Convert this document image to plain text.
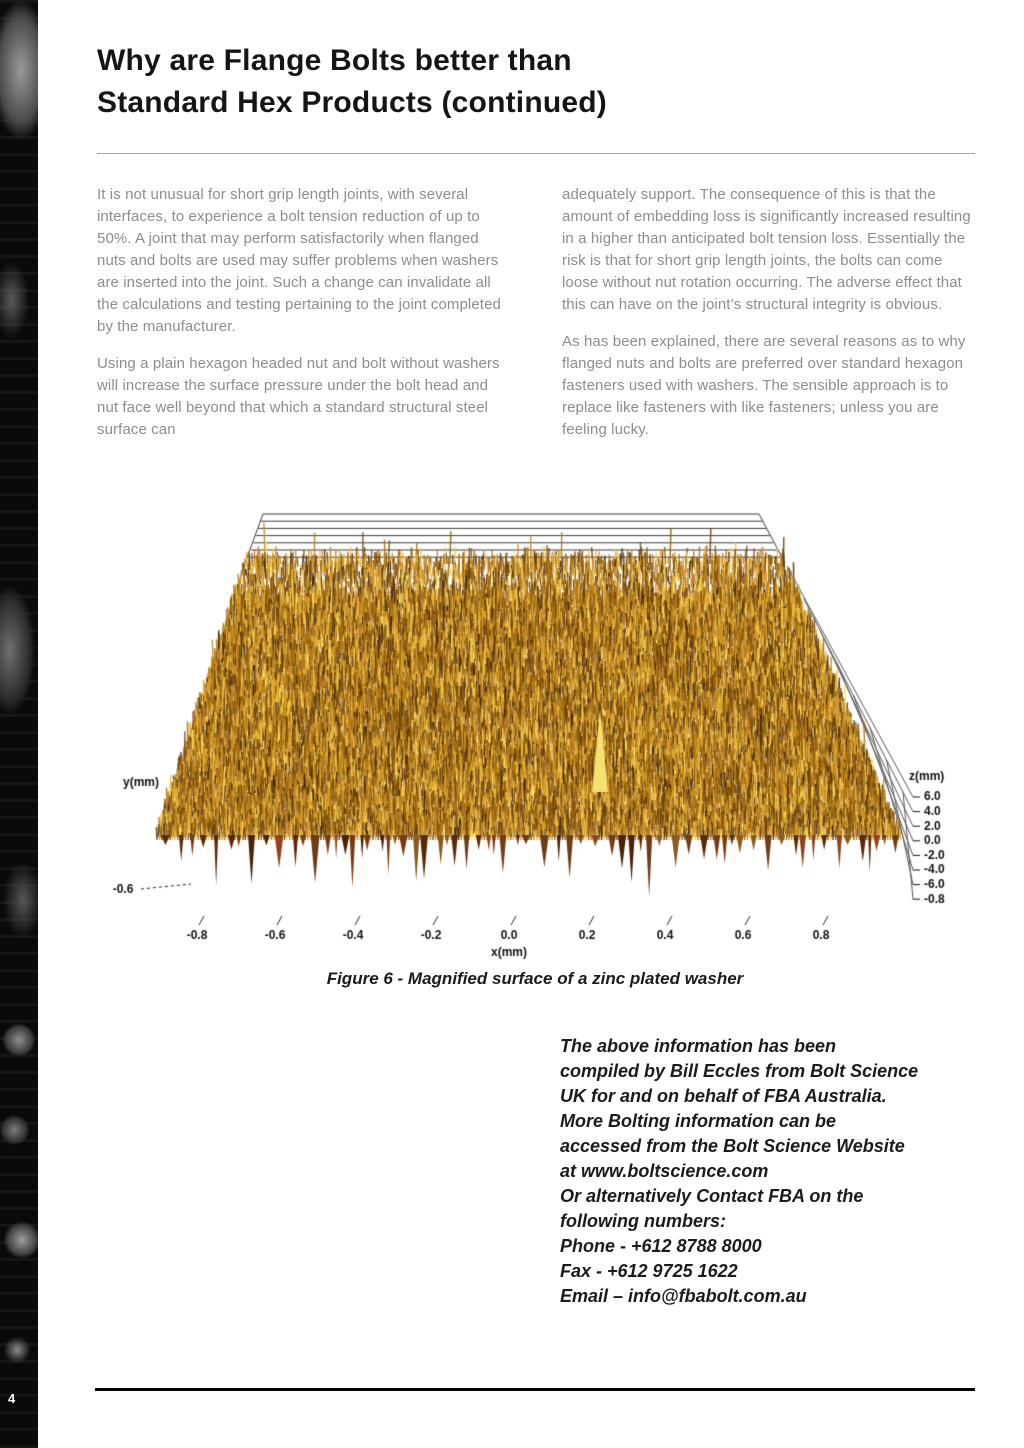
4
Why are Flange Bolts better than
Standard Hex Products (continued)

It is not unusual for short grip length joints, with several interfaces, to experience a bolt tension reduction of up to 50%. A joint that may perform satisfactorily when flanged nuts and bolts are used may suffer problems when washers are inserted into the joint. Such a change can invalidate all the calculations and testing pertaining to the joint completed by the manufacturer.

Using a plain hexagon headed nut and bolt without washers will increase the surface pressure under the bolt head and nut face well beyond that which a standard structural steel surface can

adequately support. The consequence of this is that the amount of embedding loss is significantly increased resulting in a higher than anticipated bolt tension loss. Essentially the risk is that for short grip length joints, the bolts can come loose without nut rotation occurring. The adverse effect that this can have on the joint’s structural integrity is obvious.

As has been explained, there are several reasons as to why flanged nuts and bolts are preferred over standard hexagon fasteners used with washers. The sensible approach is to replace like fasteners with like fasteners; unless you are feeling lucky.

Figure 6 - Magnified surface of a zinc plated washer
The above information has been
compiled by Bill Eccles from Bolt Science
UK for and on behalf of FBA Australia.
More Bolting information can be
accessed from the Bolt Science Website
at www.boltscience.com
Or alternatively Contact FBA on the
following numbers:
Phone - +612 8788 8000
Fax - +612 9725 1622
Email – info@fbabolt.com.au
